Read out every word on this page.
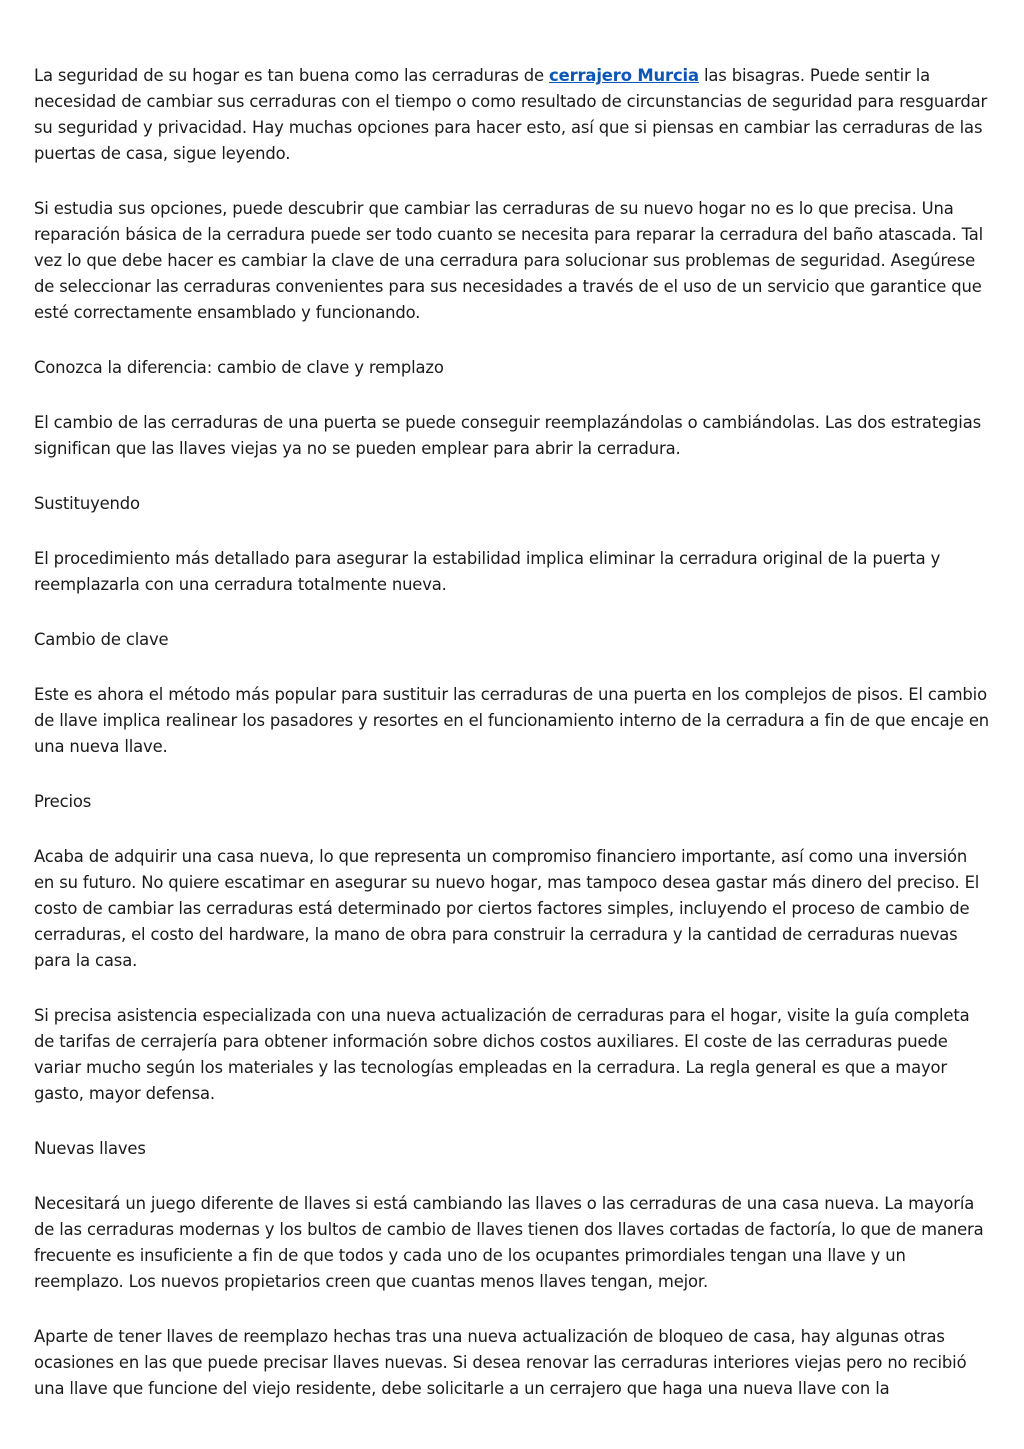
La seguridad de su hogar es tan buena como las cerraduras de cerrajero Murcia las bisagras. Puede sentir la necesidad de cambiar sus cerraduras con el tiempo o como resultado de circunstancias de seguridad para resguardar su seguridad y privacidad. Hay muchas opciones para hacer esto, así que si piensas en cambiar las cerraduras de las puertas de casa, sigue leyendo.

Si estudia sus opciones, puede descubrir que cambiar las cerraduras de su nuevo hogar no es lo que precisa. Una reparación básica de la cerradura puede ser todo cuanto se necesita para reparar la cerradura del baño atascada. Tal vez lo que debe hacer es cambiar la clave de una cerradura para solucionar sus problemas de seguridad. Asegúrese de seleccionar las cerraduras convenientes para sus necesidades a través de el uso de un servicio que garantice que esté correctamente ensamblado y funcionando.

Conozca la diferencia: cambio de clave y remplazo

El cambio de las cerraduras de una puerta se puede conseguir reemplazándolas o cambiándolas. Las dos estrategias significan que las llaves viejas ya no se pueden emplear para abrir la cerradura.

Sustituyendo

El procedimiento más detallado para asegurar la estabilidad implica eliminar la cerradura original de la puerta y reemplazarla con una cerradura totalmente nueva.

Cambio de clave

Este es ahora el método más popular para sustituir las cerraduras de una puerta en los complejos de pisos. El cambio de llave implica realinear los pasadores y resortes en el funcionamiento interno de la cerradura a fin de que encaje en una nueva llave.

Precios

Acaba de adquirir una casa nueva, lo que representa un compromiso financiero importante, así como una inversión en su futuro. No quiere escatimar en asegurar su nuevo hogar, mas tampoco desea gastar más dinero del preciso. El costo de cambiar las cerraduras está determinado por ciertos factores simples, incluyendo el proceso de cambio de cerraduras, el costo del hardware, la mano de obra para construir la cerradura y la cantidad de cerraduras nuevas para la casa.

Si precisa asistencia especializada con una nueva actualización de cerraduras para el hogar, visite la guía completa de tarifas de cerrajería para obtener información sobre dichos costos auxiliares. El coste de las cerraduras puede variar mucho según los materiales y las tecnologías empleadas en la cerradura. La regla general es que a mayor gasto, mayor defensa.

Nuevas llaves

Necesitará un juego diferente de llaves si está cambiando las llaves o las cerraduras de una casa nueva. La mayoría de las cerraduras modernas y los bultos de cambio de llaves tienen dos llaves cortadas de factoría, lo que de manera frecuente es insuficiente a fin de que todos y cada uno de los ocupantes primordiales tengan una llave y un reemplazo. Los nuevos propietarios creen que cuantas menos llaves tengan, mejor.

Aparte de tener llaves de reemplazo hechas tras una nueva actualización de bloqueo de casa, hay algunas otras ocasiones en las que puede precisar llaves nuevas. Si desea renovar las cerraduras interiores viejas pero no recibió una llave que funcione del viejo residente, debe solicitarle a un cerrajero que haga una nueva llave con la
